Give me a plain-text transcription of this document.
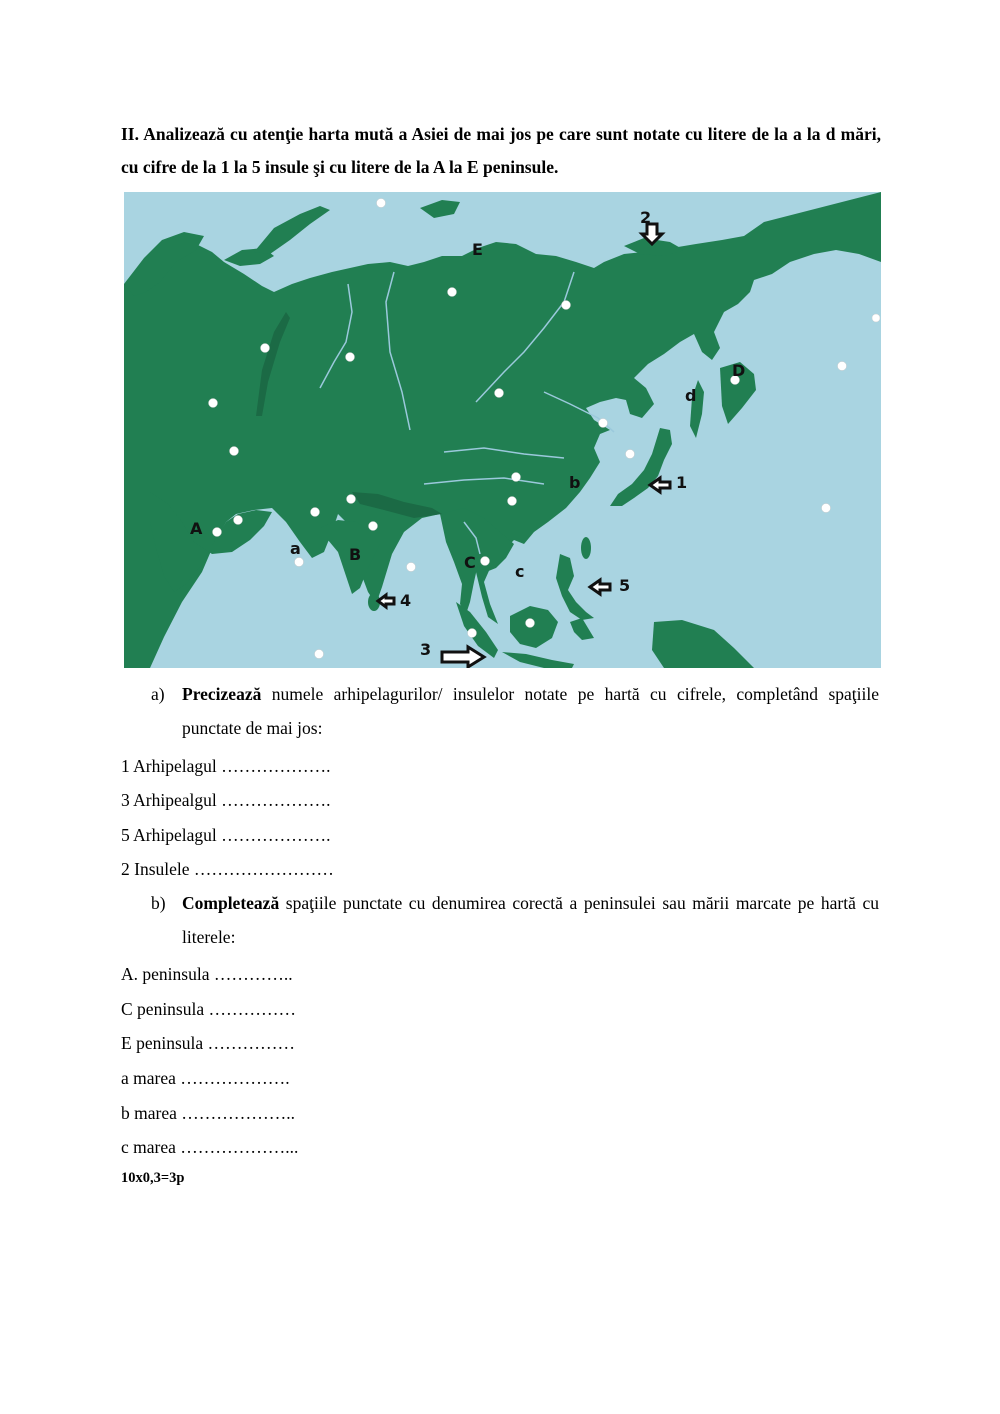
II. Analizează cu atenţie harta mută a Asiei de mai jos pe care sunt notate cu litere de la a la d mări, cu cifre de la 1 la 5 insule şi cu litere de la A la E peninsule.
A
B	C
D
E
a
b
c
d
1
2
3
4
5
a) Precizează numele arhipelagurilor/ insulelor notate pe hartă cu cifrele, completând spaţiile punctate de mai jos:
1 Arhipelagul ……………….
3 Arhipealgul ……………….
5 Arhipelagul ……………….
2 Insulele ……………………
b) Completează spaţiile punctate cu denumirea corectă a peninsulei sau mării marcate pe hartă cu literele:
A. peninsula …………..
C peninsula ……………
E peninsula ……………
a marea ……………….
b marea ………………..
c marea ………………...
10x0,3=3p
